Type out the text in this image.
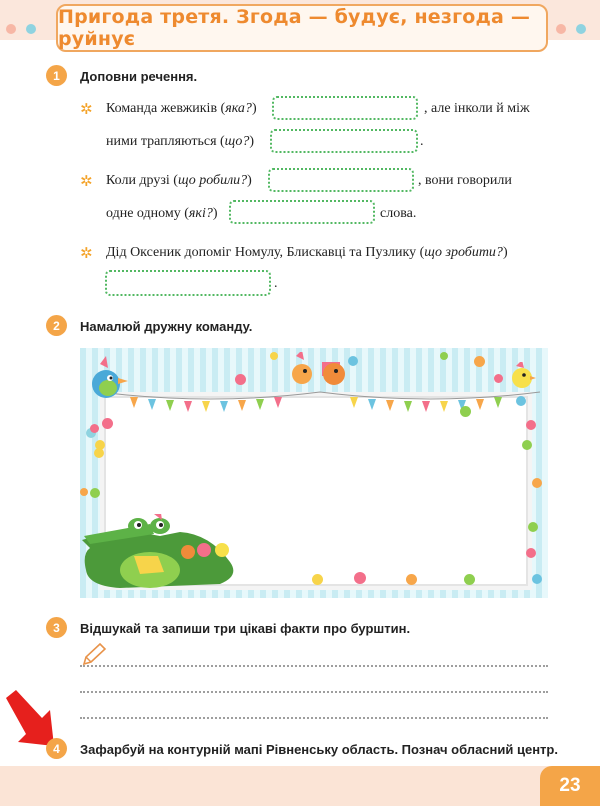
Пригода третя. Згода — будує, незгода — руйнує
1	Доповни речення.
✲ Команда жевжиків (яка?)	, але інколи й між
ними трапляються (що?)	.
✲ Коли друзі (що робили?)	, вони говорили
одне одному (які?)	слова.
✲ Дід Оксеник допоміг Номулу, Блискавці та Пузлику (що зробити?)
.
2	Намалюй дружну команду.
3	Відшукай та запиши три цікаві факти про бурштин.
4	Зафарбуй на контурній мапі Рівненську область. Познач обласний центр.
23
